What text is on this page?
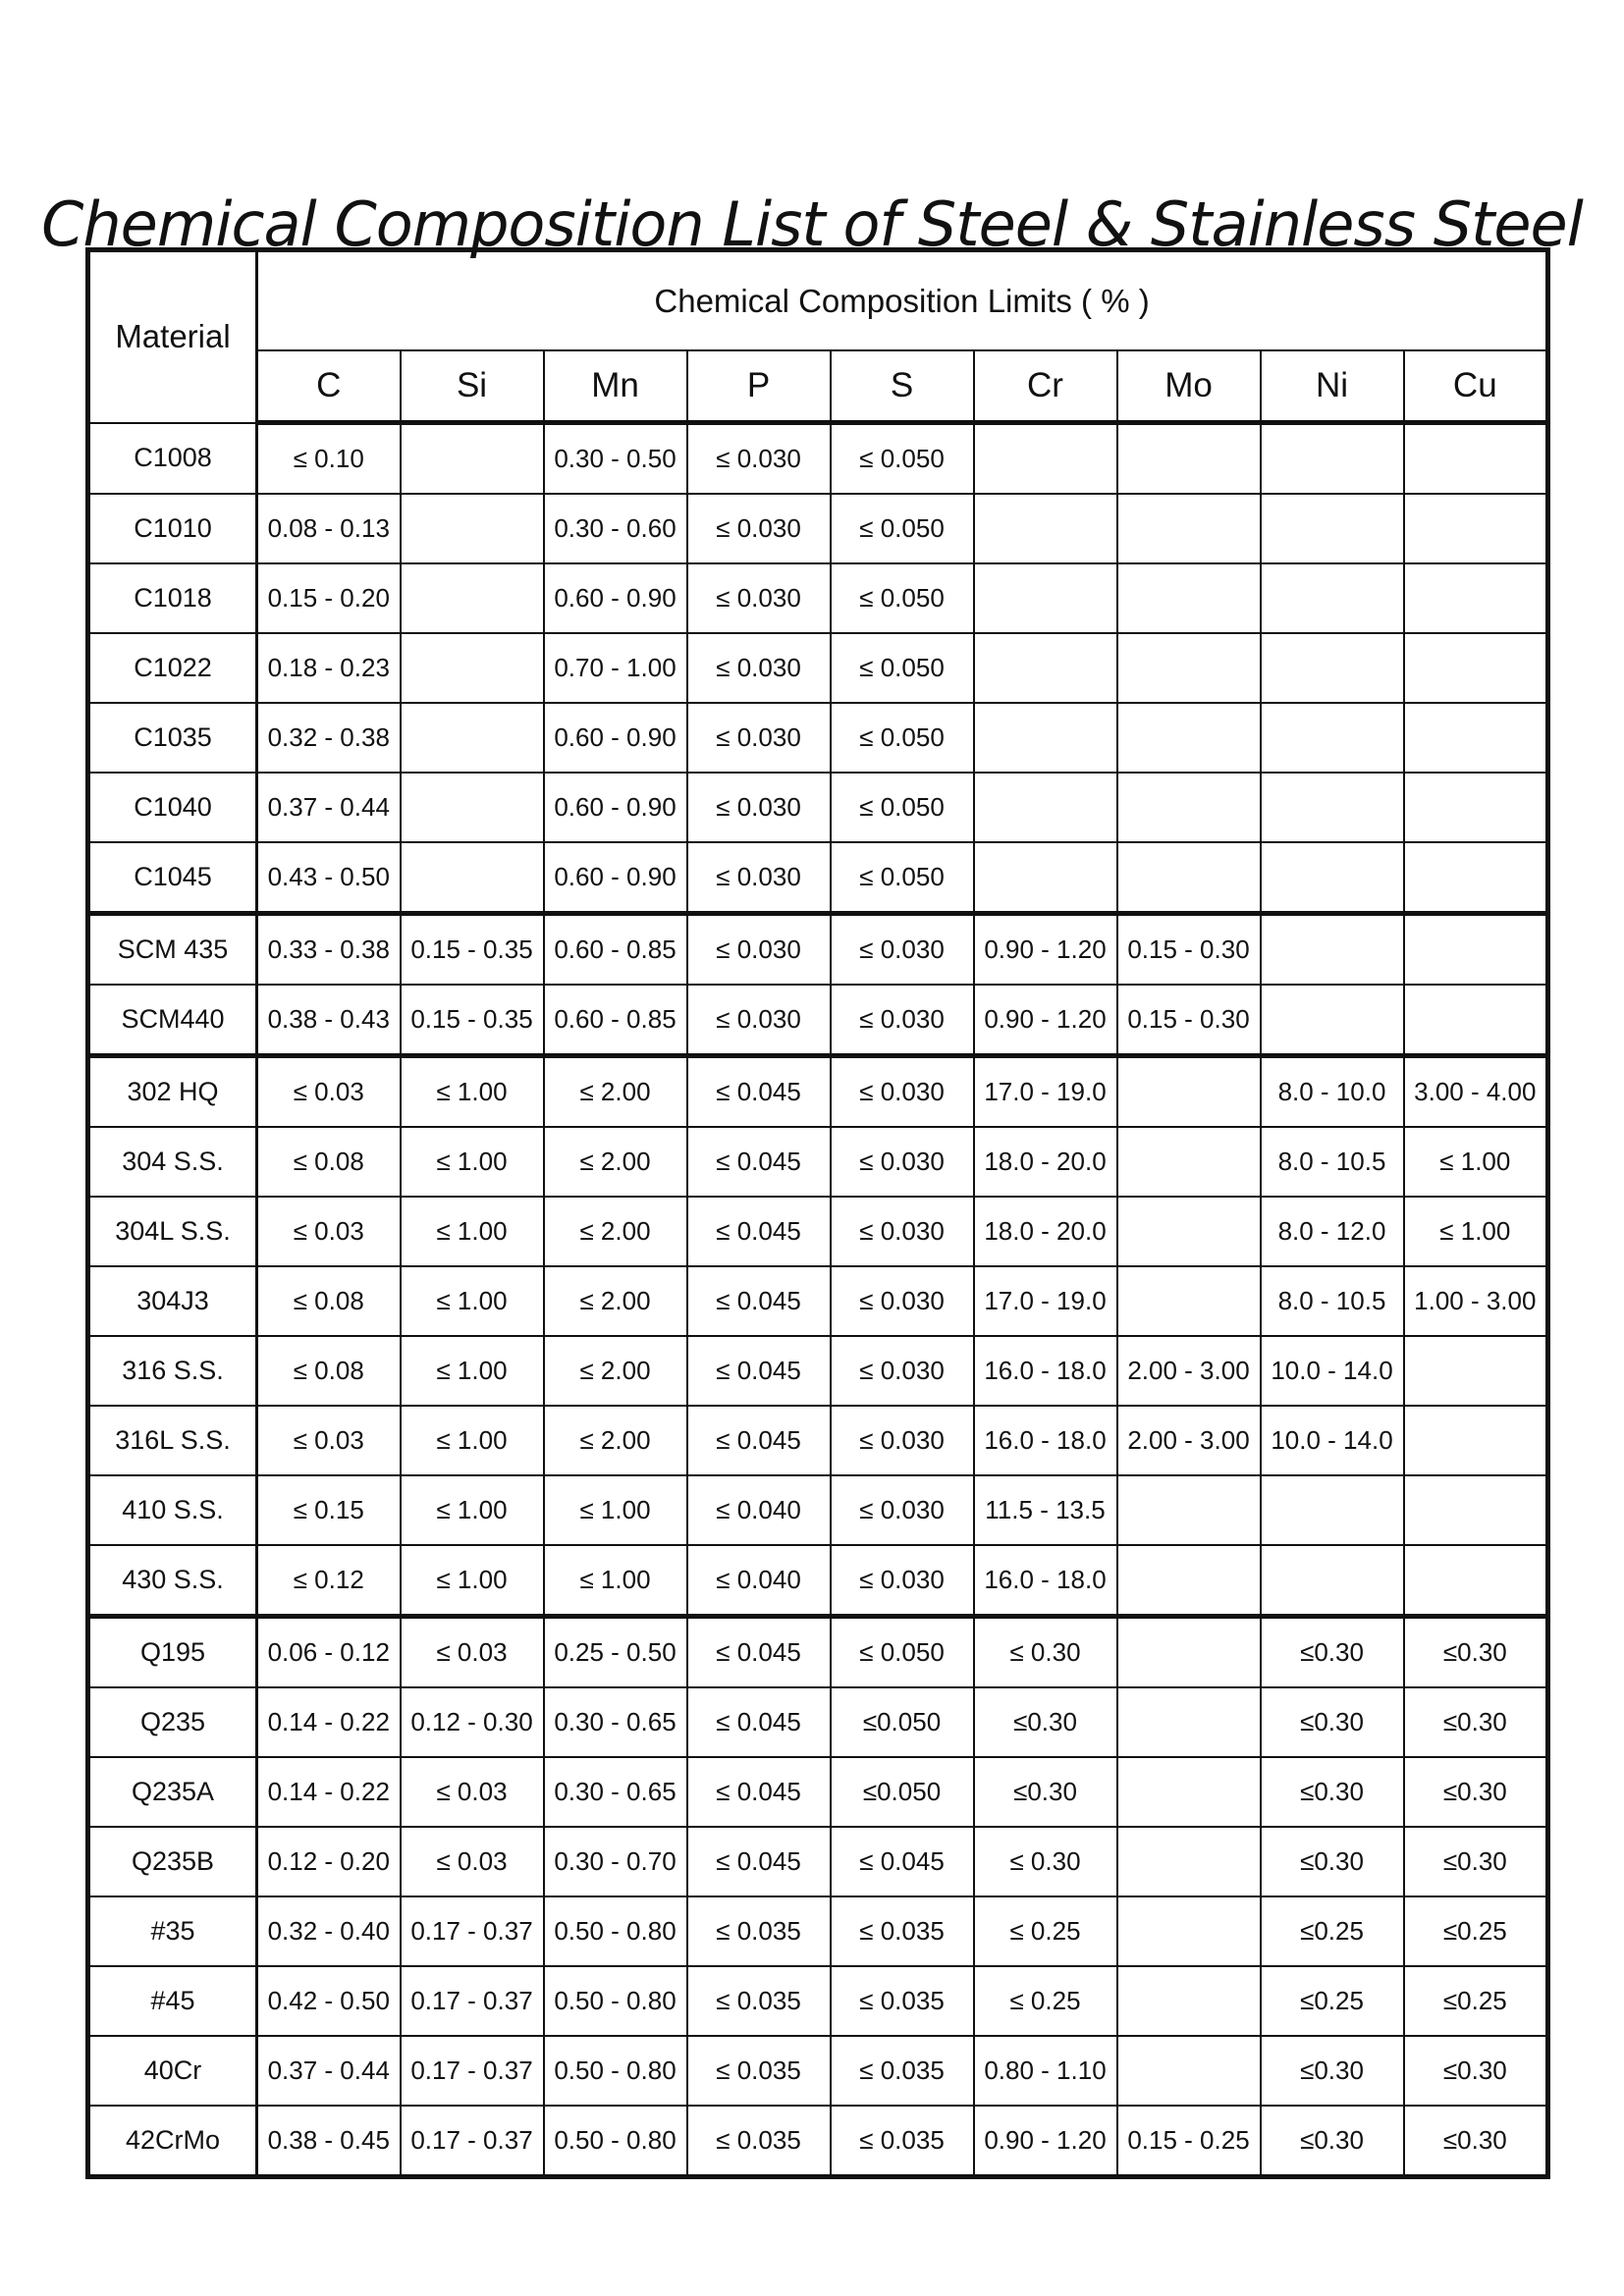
Chemical Composition List of Steel & Stainless Steel
Material	Chemical Composition Limits ( % )								
	C	Si	Mn	P	S	Cr	Mo	Ni	Cu
C1008	≤ 0.10		0.30 - 0.50	≤ 0.030	≤ 0.050				
C1010	0.08 - 0.13		0.30 - 0.60	≤ 0.030	≤ 0.050				
C1018	0.15 - 0.20		0.60 - 0.90	≤ 0.030	≤ 0.050				
C1022	0.18 - 0.23		0.70 - 1.00	≤ 0.030	≤ 0.050				
C1035	0.32 - 0.38		0.60 - 0.90	≤ 0.030	≤ 0.050				
C1040	0.37 - 0.44		0.60 - 0.90	≤ 0.030	≤ 0.050				
C1045	0.43 - 0.50		0.60 - 0.90	≤ 0.030	≤ 0.050				
SCM 435	0.33 - 0.38	0.15 - 0.35	0.60 - 0.85	≤ 0.030	≤ 0.030	0.90 - 1.20	0.15 - 0.30		
SCM440	0.38 - 0.43	0.15 - 0.35	0.60 - 0.85	≤ 0.030	≤ 0.030	0.90 - 1.20	0.15 - 0.30		
302 HQ	≤ 0.03	≤ 1.00	≤ 2.00	≤ 0.045	≤ 0.030	17.0 - 19.0		8.0 - 10.0	3.00 - 4.00
304 S.S.	≤ 0.08	≤ 1.00	≤ 2.00	≤ 0.045	≤ 0.030	18.0 - 20.0		8.0 - 10.5	≤ 1.00
304L S.S.	≤ 0.03	≤ 1.00	≤ 2.00	≤ 0.045	≤ 0.030	18.0 - 20.0		8.0 - 12.0	≤ 1.00
304J3	≤ 0.08	≤ 1.00	≤ 2.00	≤ 0.045	≤ 0.030	17.0 - 19.0		8.0 - 10.5	1.00 - 3.00
316 S.S.	≤ 0.08	≤ 1.00	≤ 2.00	≤ 0.045	≤ 0.030	16.0 - 18.0	2.00 - 3.00	10.0 - 14.0	
316L S.S.	≤ 0.03	≤ 1.00	≤ 2.00	≤ 0.045	≤ 0.030	16.0 - 18.0	2.00 - 3.00	10.0 - 14.0	
410 S.S.	≤ 0.15	≤ 1.00	≤ 1.00	≤ 0.040	≤ 0.030	11.5 - 13.5			
430 S.S.	≤ 0.12	≤ 1.00	≤ 1.00	≤ 0.040	≤ 0.030	16.0 - 18.0			
Q195	0.06 - 0.12	≤ 0.03	0.25 - 0.50	≤ 0.045	≤ 0.050	≤ 0.30		≤0.30	≤0.30
Q235	0.14 - 0.22	0.12 - 0.30	0.30 - 0.65	≤ 0.045	≤0.050	≤0.30		≤0.30	≤0.30
Q235A	0.14 - 0.22	≤ 0.03	0.30 - 0.65	≤ 0.045	≤0.050	≤0.30		≤0.30	≤0.30
Q235B	0.12 - 0.20	≤ 0.03	0.30 - 0.70	≤ 0.045	≤ 0.045	≤ 0.30		≤0.30	≤0.30
#35	0.32 - 0.40	0.17 - 0.37	0.50 - 0.80	≤ 0.035	≤ 0.035	≤ 0.25		≤0.25	≤0.25
#45	0.42 - 0.50	0.17 - 0.37	0.50 - 0.80	≤ 0.035	≤ 0.035	≤ 0.25		≤0.25	≤0.25
40Cr	0.37 - 0.44	0.17 - 0.37	0.50 - 0.80	≤ 0.035	≤ 0.035	0.80 - 1.10		≤0.30	≤0.30
42CrMo	0.38 - 0.45	0.17 - 0.37	0.50 - 0.80	≤ 0.035	≤ 0.035	0.90 - 1.20	0.15 - 0.25	≤0.30	≤0.30
